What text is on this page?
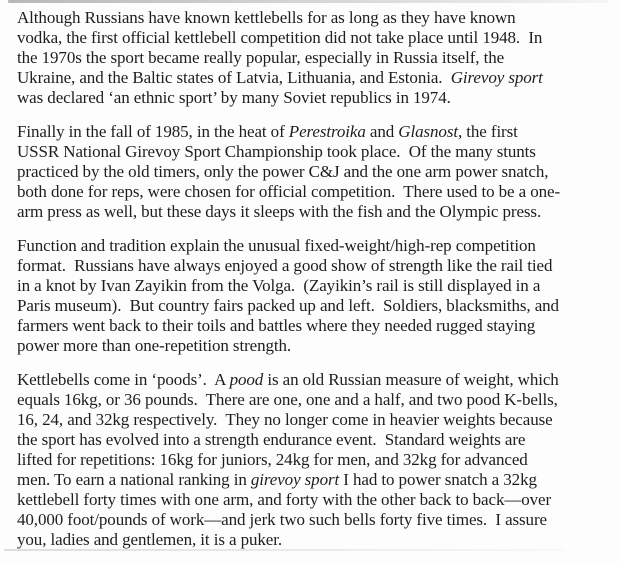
Although Russians have known kettlebells for as long as they have known
vodka, the first official kettlebell competition did not take place until 1948.  In
the 1970s the sport became really popular, especially in Russia itself, the
Ukraine, and the Baltic states of Latvia, Lithuania, and Estonia.  Girevoy sport
was declared ‘an ethnic sport’ by many Soviet republics in 1974.
Finally in the fall of 1985, in the heat of Perestroika and Glasnost, the first
USSR National Girevoy Sport Championship took place.  Of the many stunts
practiced by the old timers, only the power C&J and the one arm power snatch,
both done for reps, were chosen for official competition.  There used to be a one-
arm press as well, but these days it sleeps with the fish and the Olympic press.
Function and tradition explain the unusual fixed-weight/high-rep competition
format.  Russians have always enjoyed a good show of strength like the rail tied
in a knot by Ivan Zayikin from the Volga.  (Zayikin’s rail is still displayed in a
Paris museum).  But country fairs packed up and left.  Soldiers, blacksmiths, and
farmers went back to their toils and battles where they needed rugged staying
power more than one-repetition strength.
Kettlebells come in ‘poods’.  A pood is an old Russian measure of weight, which
equals 16kg, or 36 pounds.  There are one, one and a half, and two pood K-bells,
16, 24, and 32kg respectively.  They no longer come in heavier weights because
the sport has evolved into a strength endurance event.  Standard weights are
lifted for repetitions: 16kg for juniors, 24kg for men, and 32kg for advanced
men. To earn a national ranking in girevoy sport I had to power snatch a 32kg
kettlebell forty times with one arm, and forty with the other back to back—over
40,000 foot/pounds of work—and jerk two such bells forty five times.  I assure
you, ladies and gentlemen, it is a puker.
